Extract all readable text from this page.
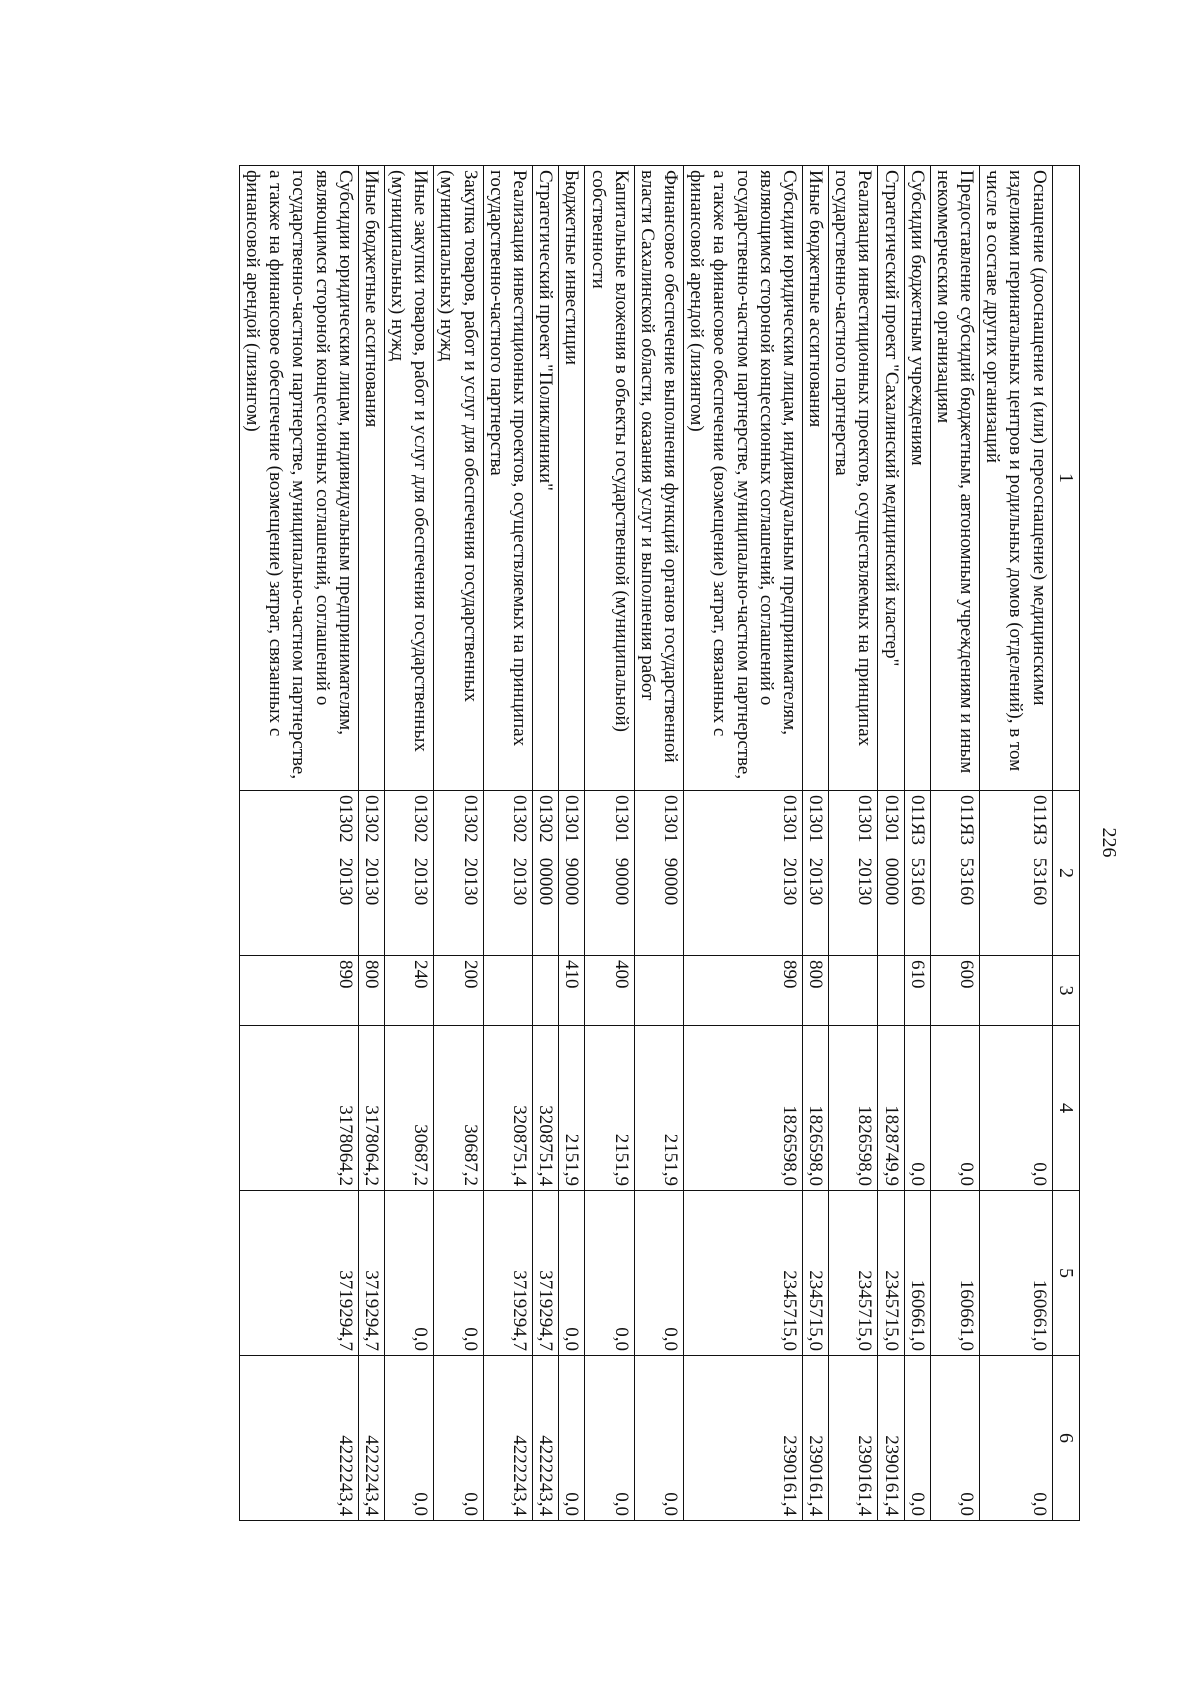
226
1	2	3	4	5	6
Оснащение (дооснащение и (или) переоснащение) медицинскими изделиями перинатальных центров и родильных домов (отделений), в том числе в составе других организаций	011Я3 53160		0,0	160661,0	0,0
Предоставление субсидий бюджетным, автономным учреждениям и иным некоммерческим организациям	011Я3 53160	600	0,0	160661,0	0,0
Субсидии бюджетным учреждениям	011Я3 53160	610	0,0	160661,0	0,0
Стратегический проект "Сахалинский медицинский кластер"	01301 00000		1828749,9	2345715,0	2390161,4
Реализация инвестиционных проектов, осуществляемых на принципах государственно-частного партнерства	01301 20130		1826598,0	2345715,0	2390161,4
Иные бюджетные ассигнования	01301 20130	800	1826598,0	2345715,0	2390161,4
Субсидии юридическим лицам, индивидуальным предпринимателям, являющимся стороной концессионных соглашений, соглашений о государственно-частном партнерстве, муниципально-частном партнерстве, а также на финансовое обеспечение (возмещение) затрат, связанных с финансовой арендой (лизингом)	01301 20130	890	1826598,0	2345715,0	2390161,4
Финансовое обеспечение выполнения функций органов государственной власти Сахалинской области, оказания услуг и выполнения работ	01301 90000		2151,9	0,0	0,0
Капитальные вложения в объекты государственной (муниципальной) собственности	01301 90000	400	2151,9	0,0	0,0
Бюджетные инвестиции	01301 90000	410	2151,9	0,0	0,0
Стратегический проект "Поликлиники"	01302 00000		3208751,4	3719294,7	4222243,4
Реализация инвестиционных проектов, осуществляемых на принципах государственно-частного партнерства	01302 20130		3208751,4	3719294,7	4222243,4
Закупка товаров, работ и услуг для обеспечения государственных (муниципальных) нужд	01302 20130	200	30687,2	0,0	0,0
Иные закупки товаров, работ и услуг для обеспечения государственных (муниципальных) нужд	01302 20130	240	30687,2	0,0	0,0
Иные бюджетные ассигнования	01302 20130	800	3178064,2	3719294,7	4222243,4
Субсидии юридическим лицам, индивидуальным предпринимателям, являющимся стороной концессионных соглашений, соглашений о государственно-частном партнерстве, муниципально-частном партнерстве, а также на финансовое обеспечение (возмещение) затрат, связанных с финансовой арендой (лизингом)	01302 20130	890	3178064,2	3719294,7	4222243,4
